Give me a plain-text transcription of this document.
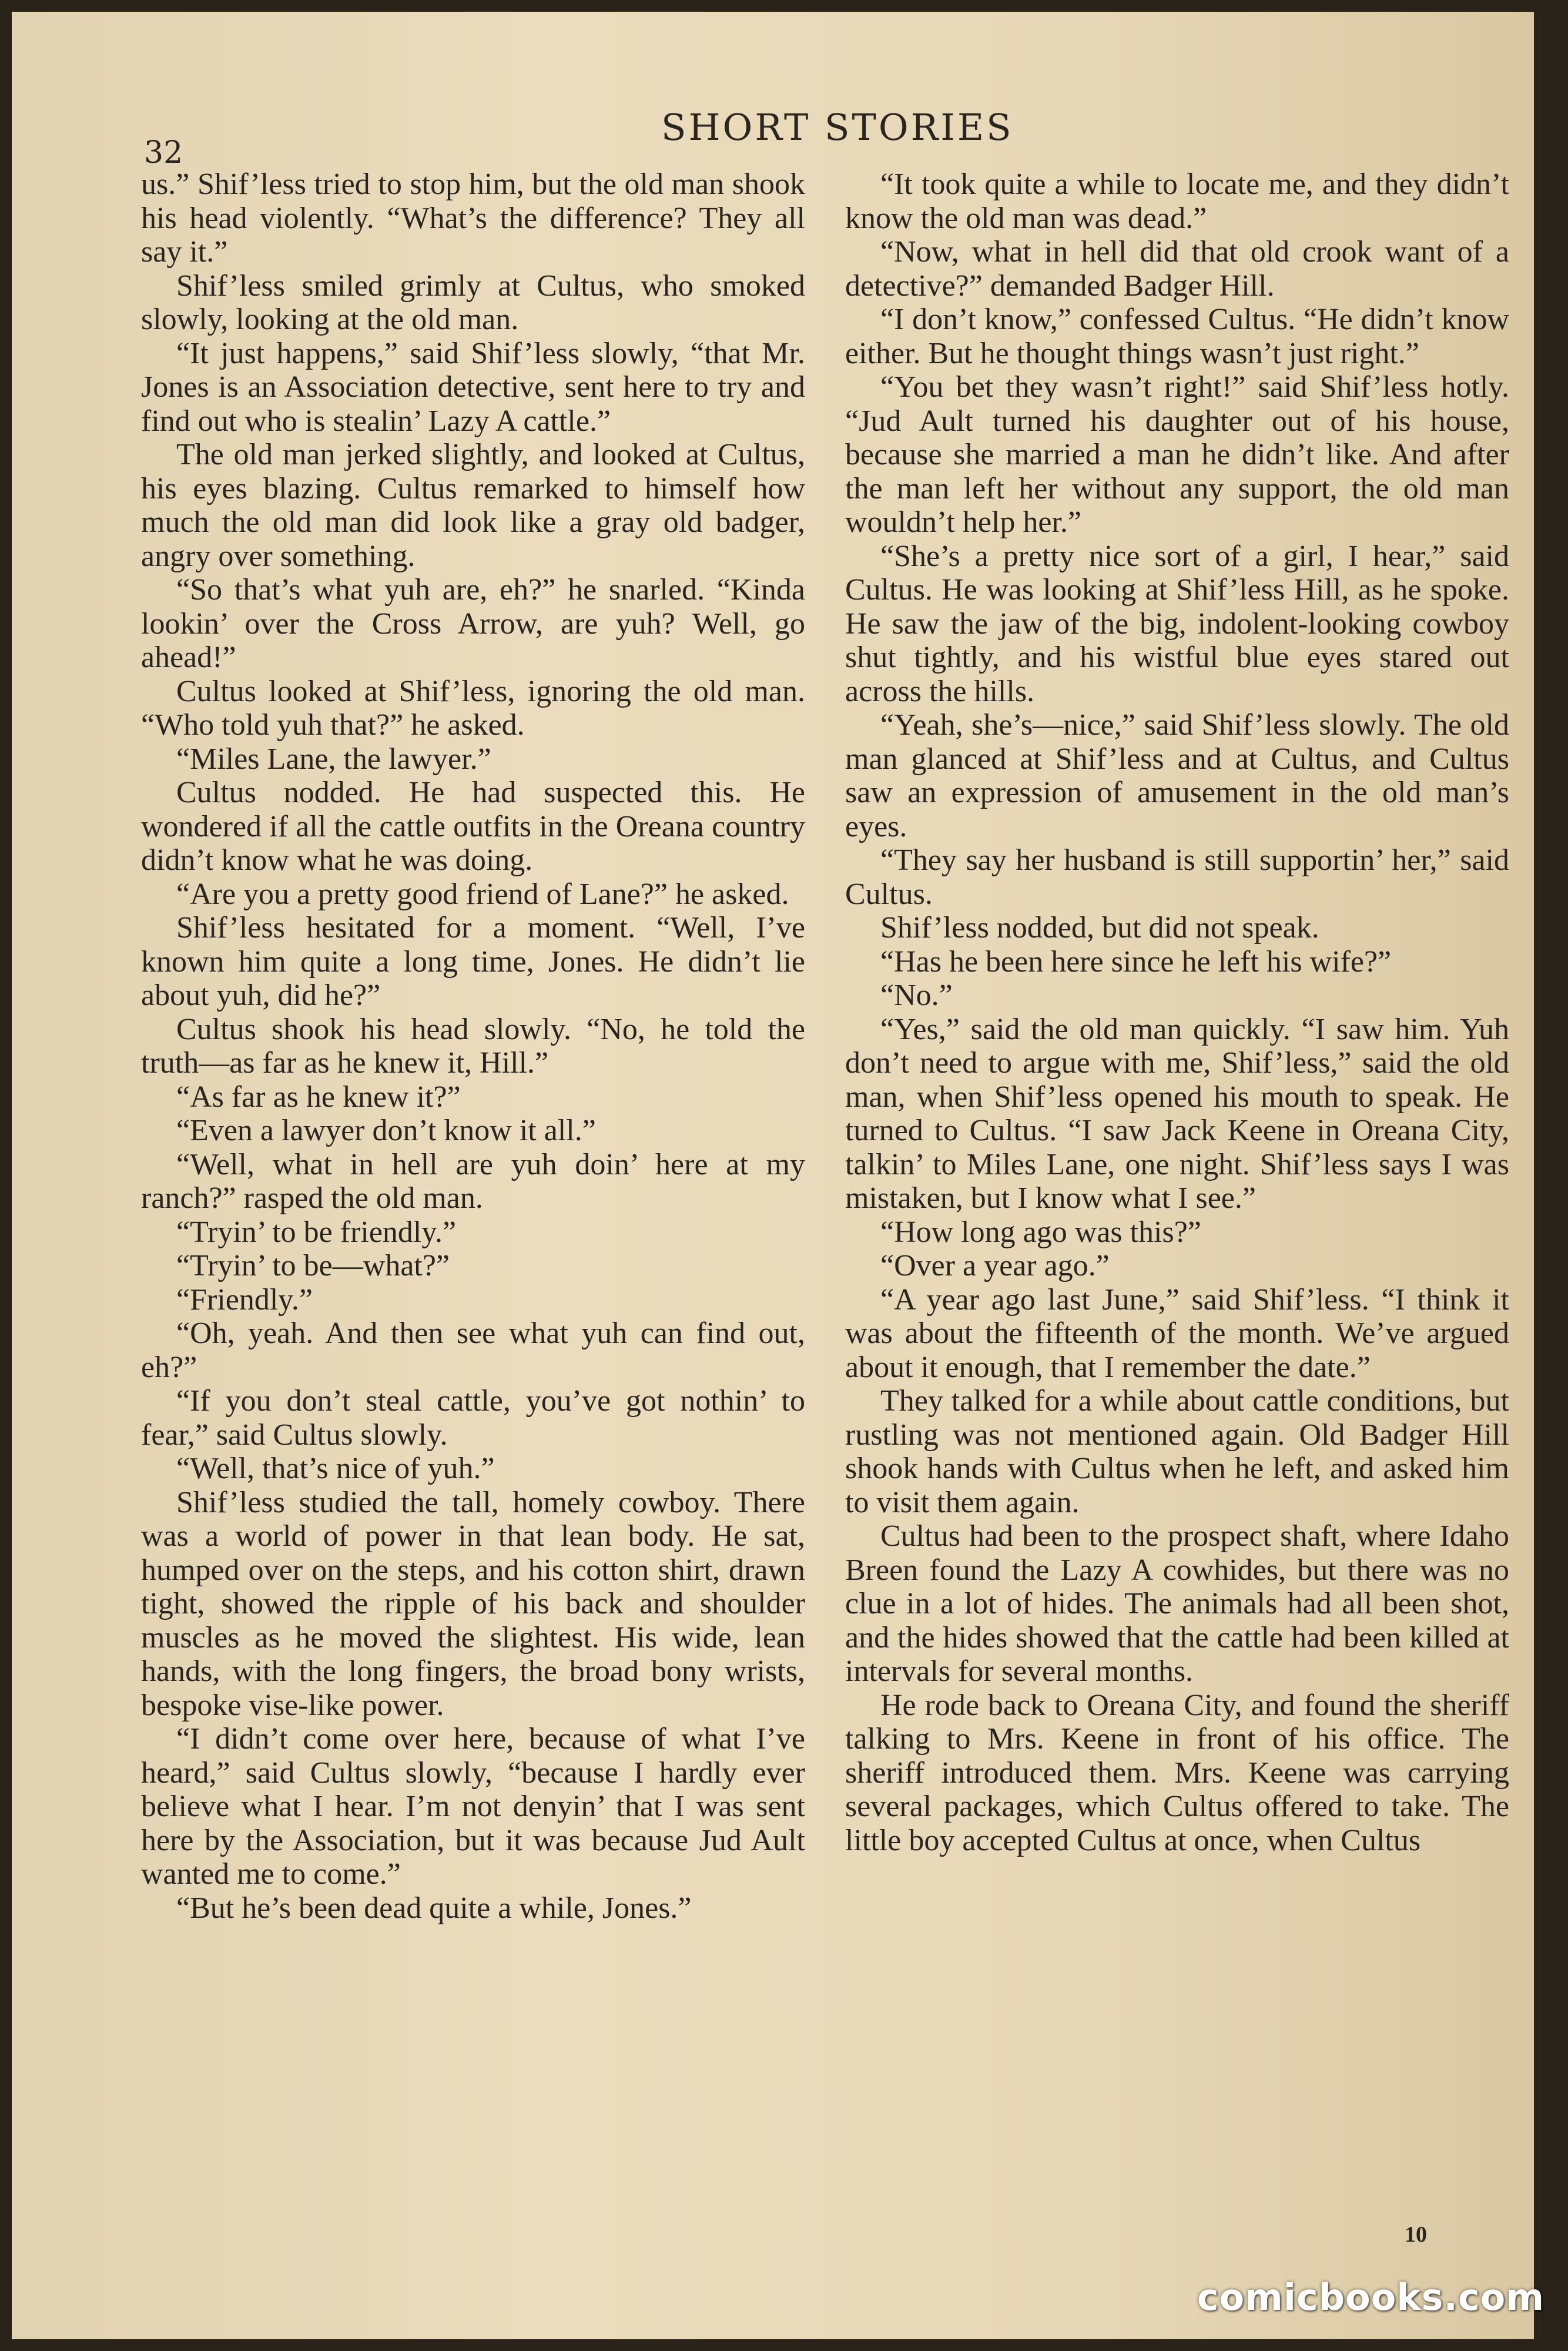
32
SHORT STORIES

us.” Shif’less tried to stop him, but the old man shook his head violently. “What’s the difference? They all say it.”

Shif’less smiled grimly at Cultus, who smoked slowly, looking at the old man.

“It just happens,” said Shif’less slowly, “that Mr. Jones is an Association detective, sent here to try and find out who is stealin’ Lazy A cattle.”

The old man jerked slightly, and looked at Cultus, his eyes blazing. Cultus remarked to himself how much the old man did look like a gray old badger, angry over something.

“So that’s what yuh are, eh?” he snarled. “Kinda lookin’ over the Cross Arrow, are yuh? Well, go ahead!”

Cultus looked at Shif’less, ignoring the old man. “Who told yuh that?” he asked.

“Miles Lane, the lawyer.”

Cultus nodded. He had suspected this. He wondered if all the cattle outfits in the Oreana country didn’t know what he was doing.

“Are you a pretty good friend of Lane?” he asked.

Shif’less hesitated for a moment. “Well, I’ve known him quite a long time, Jones. He didn’t lie about yuh, did he?”

Cultus shook his head slowly. “No, he told the truth—as far as he knew it, Hill.”

“As far as he knew it?”

“Even a lawyer don’t know it all.”

“Well, what in hell are yuh doin’ here at my ranch?” rasped the old man.

“Tryin’ to be friendly.”

“Tryin’ to be—what?”

“Friendly.”

“Oh, yeah. And then see what yuh can find out, eh?”

“If you don’t steal cattle, you’ve got nothin’ to fear,” said Cultus slowly.

“Well, that’s nice of yuh.”

Shif’less studied the tall, homely cowboy. There was a world of power in that lean body. He sat, humped over on the steps, and his cotton shirt, drawn tight, showed the ripple of his back and shoulder muscles as he moved the slightest. His wide, lean hands, with the long fingers, the broad bony wrists, bespoke vise-like power.

“I didn’t come over here, because of what I’ve heard,” said Cultus slowly, “because I hardly ever believe what I hear. I’m not denyin’ that I was sent here by the Association, but it was because Jud Ault wanted me to come.”

“But he’s been dead quite a while, Jones.”

“It took quite a while to locate me, and they didn’t know the old man was dead.”

“Now, what in hell did that old crook want of a detective?” demanded Badger Hill.

“I don’t know,” confessed Cultus. “He didn’t know either. But he thought things wasn’t just right.”

“You bet they wasn’t right!” said Shif’less hotly. “Jud Ault turned his daughter out of his house, because she married a man he didn’t like. And after the man left her without any support, the old man wouldn’t help her.”

“She’s a pretty nice sort of a girl, I hear,” said Cultus. He was looking at Shif’less Hill, as he spoke. He saw the jaw of the big, indolent-looking cowboy shut tightly, and his wistful blue eyes stared out across the hills.

“Yeah, she’s—nice,” said Shif’less slowly. The old man glanced at Shif’less and at Cultus, and Cultus saw an expression of amusement in the old man’s eyes.

“They say her husband is still supportin’ her,” said Cultus.

Shif’less nodded, but did not speak.

“Has he been here since he left his wife?”

“No.”

“Yes,” said the old man quickly. “I saw him. Yuh don’t need to argue with me, Shif’less,” said the old man, when Shif’less opened his mouth to speak. He turned to Cultus. “I saw Jack Keene in Oreana City, talkin’ to Miles Lane, one night. Shif’less says I was mistaken, but I know what I see.”

“How long ago was this?”

“Over a year ago.”

“A year ago last June,” said Shif’less. “I think it was about the fifteenth of the month. We’ve argued about it enough, that I remember the date.”

They talked for a while about cattle conditions, but rustling was not mentioned again. Old Badger Hill shook hands with Cultus when he left, and asked him to visit them again.

Cultus had been to the prospect shaft, where Idaho Breen found the Lazy A cowhides, but there was no clue in a lot of hides. The animals had all been shot, and the hides showed that the cattle had been killed at intervals for several months.

He rode back to Oreana City, and found the sheriff talking to Mrs. Keene in front of his office. The sheriff introduced them. Mrs. Keene was carrying several packages, which Cultus offered to take. The little boy accepted Cultus at once, when Cultus

10
comicbooks.com
